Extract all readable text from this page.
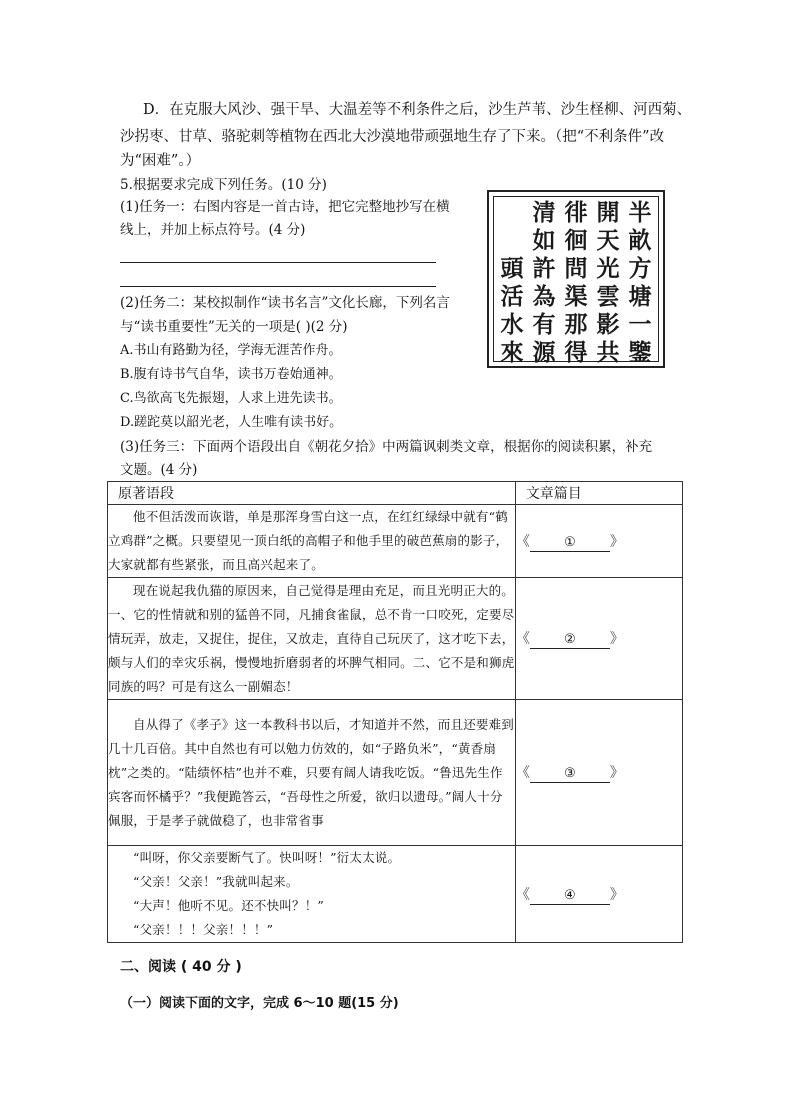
D．在克服大风沙、强干旱、大温差等不利条件之后，沙生芦苇、沙生柽柳、河西菊、
沙拐枣、甘草、骆驼刺等植物在西北大沙漠地带顽强地生存了下来。（把“不利条件”改
为“困难”。）
5.根据要求完成下列任务。(10 分)
(1)任务一：右图内容是一首古诗，把它完整地抄写在横
线上，并加上标点符号。(4 分)
(2)任务二：某校拟制作“读书名言”文化长廊，下列名言
与“读书重要性”无关的一项是( )(2 分)
A.书山有路勤为径，学海无涯苦作舟。
B.腹有诗书气自华，读书万卷始通神。
C.鸟欲高飞先振翅，人求上进先读书。
D.蹉跎莫以韶光老，人生唯有读书好。
(3)任务三：下面两个语段出自《朝花夕拾》中两篇讽刺类文章，根据你的阅读积累，补充
文题。(4 分)
半
畝
方
塘
一
鑒
開
天
光
雲
影
共
徘
徊
問
渠
那
得
清
如
許
為
有
源
頭
活
水
來
原著语段	文章篇目

他不但活泼而诙谐，单是那浑身雪白这一点，在红红绿绿中就有“鹤立鸡群”之概。只要望见一顶白纸的高帽子和他手里的破芭蕉扇的影子，大家就都有些紧张，而且高兴起来了。	《 ① 》

现在说起我仇猫的原因来，自己觉得是理由充足，而且光明正大的。一、它的性情就和别的猛兽不同，凡捕食雀鼠，总不肯一口咬死，定要尽情玩弄，放走，又捉住，捉住，又放走，直待自己玩厌了，这才吃下去，颇与人们的幸灾乐祸，慢慢地折磨弱者的坏脾气相同。二、它不是和狮虎同族的吗？可是有这么一副媚态！	《 ② 》

自从得了《孝子》这一本教科书以后，才知道并不然，而且还要难到几十几百倍。其中自然也有可以勉力仿效的，如“子路负米”，“黄香扇枕”之类的。“陆绩怀桔”也并不难，只要有阔人请我吃饭。“鲁迅先生作宾客而怀橘乎？”我便跪答云，“吾母性之所爱，欲归以遗母。”阔人十分佩服，于是孝子就做稳了，也非常省事	《 ③ 》

“叫呀，你父亲要断气了。快叫呀！”衍太太说。

“父亲！父亲！”我就叫起来。

“大声！他听不见。还不快叫？！”

“父亲！！！父亲！！！”	《 ④ 》
二、阅读 ( 40 分 )
（一）阅读下面的文字，完成 6～10 题(15 分)
